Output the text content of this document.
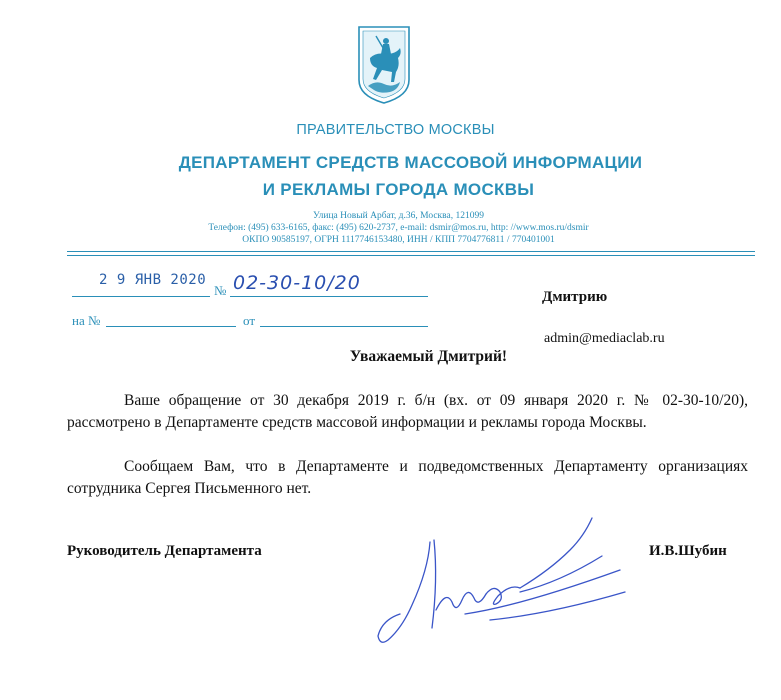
ПРАВИТЕЛЬСТВО МОСКВЫ
ДЕПАРТАМЕНТ СРЕДСТВ МАССОВОЙ ИНФОРМАЦИИ
И РЕКЛАМЫ ГОРОДА МОСКВЫ
Улица Новый Арбат, д.36, Москва, 121099
Телефон: (495) 633-6165, факс: (495) 620-2737, e-mail: dsmir@mos.ru, http: //www.mos.ru/dsmir
ОКПО 90585197, ОГРН 1117746153480, ИНН / КПП 7704776811 / 770401001
2 9 ЯНВ 2020
№ 02-30-10/20
на №	от
Дмитрию
admin@mediaclab.ru
Уважаемый Дмитрий!
Ваше обращение от 30 декабря 2019 г. б/н (вх. от 09 января 2020 г. № 02-30-10/20), рассмотрено в Департаменте средств массовой информации и рекламы города Москвы.
Сообщаем Вам, что в Департаменте и подведомственных Департаменту организациях сотрудника Сергея Письменного нет.
Руководитель Департамента	И.В.Шубин
